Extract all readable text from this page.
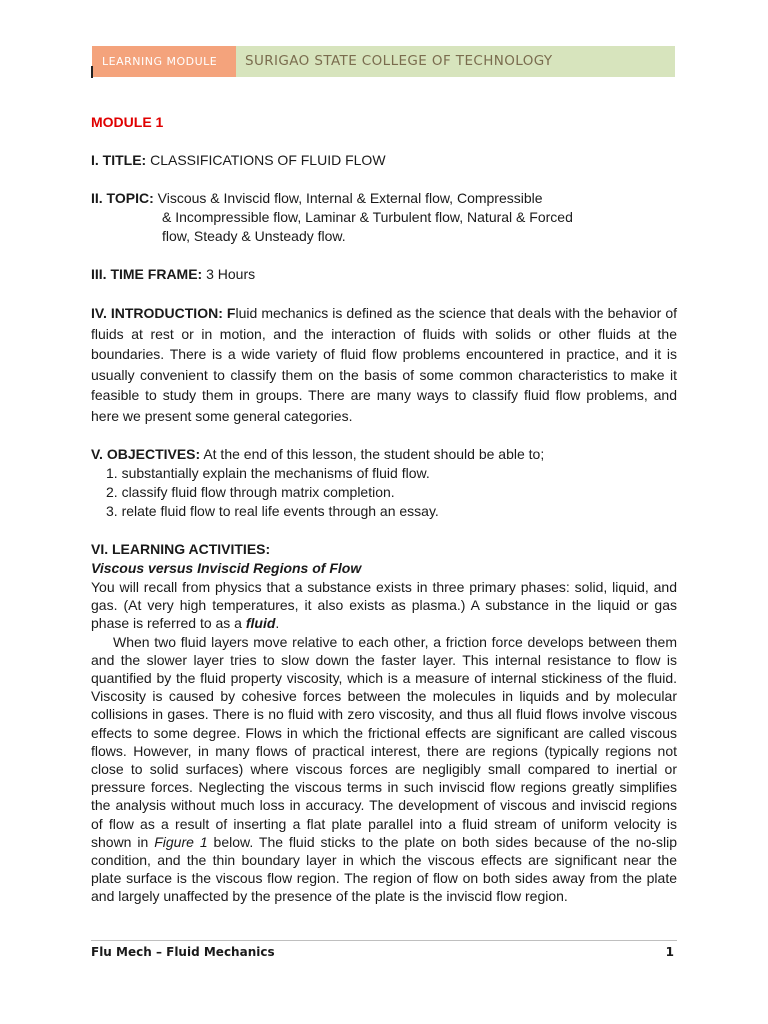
LEARNING MODULE	SURIGAO STATE COLLEGE OF TECHNOLOGY

MODULE 1

I. TITLE: CLASSIFICATIONS OF FLUID FLOW

II. TOPIC: Viscous & Inviscid flow, Internal & External flow, Compressible

& Incompressible flow, Laminar & Turbulent flow, Natural & Forced

flow, Steady & Unsteady flow.

III. TIME FRAME: 3 Hours

IV. INTRODUCTION: Fluid mechanics is defined as the science that deals with the behavior of fluids at rest or in motion, and the interaction of fluids with solids or other fluids at the boundaries. There is a wide variety of fluid flow problems encountered in practice, and it is usually convenient to classify them on the basis of some common characteristics to make it feasible to study them in groups. There are many ways to classify fluid flow problems, and here we present some general categories.

V. OBJECTIVES: At the end of this lesson, the student should be able to;

1. substantially explain the mechanisms of fluid flow.

2. classify fluid flow through matrix completion.

3. relate fluid flow to real life events through an essay.

VI. LEARNING ACTIVITIES:

Viscous versus Inviscid Regions of Flow

You will recall from physics that a substance exists in three primary phases: solid, liquid, and gas. (At very high temperatures, it also exists as plasma.) A substance in the liquid or gas phase is referred to as a fluid.

When two fluid layers move relative to each other, a friction force develops between them and the slower layer tries to slow down the faster layer. This internal resistance to flow is quantified by the fluid property viscosity, which is a measure of internal stickiness of the fluid. Viscosity is caused by cohesive forces between the molecules in liquids and by molecular collisions in gases. There is no fluid with zero viscosity, and thus all fluid flows involve viscous effects to some degree. Flows in which the frictional effects are significant are called viscous flows. However, in many flows of practical interest, there are regions (typically regions not close to solid surfaces) where viscous forces are negligibly small compared to inertial or pressure forces. Neglecting the viscous terms in such inviscid flow regions greatly simplifies the analysis without much loss in accuracy. The development of viscous and inviscid regions of flow as a result of inserting a flat plate parallel into a fluid stream of uniform velocity is shown in Figure 1 below. The fluid sticks to the plate on both sides because of the no-slip condition, and the thin boundary layer in which the viscous effects are significant near the plate surface is the viscous flow region. The region of flow on both sides away from the plate and largely unaffected by the presence of the plate is the inviscid flow region.

Flu Mech – Fluid Mechanics	1
